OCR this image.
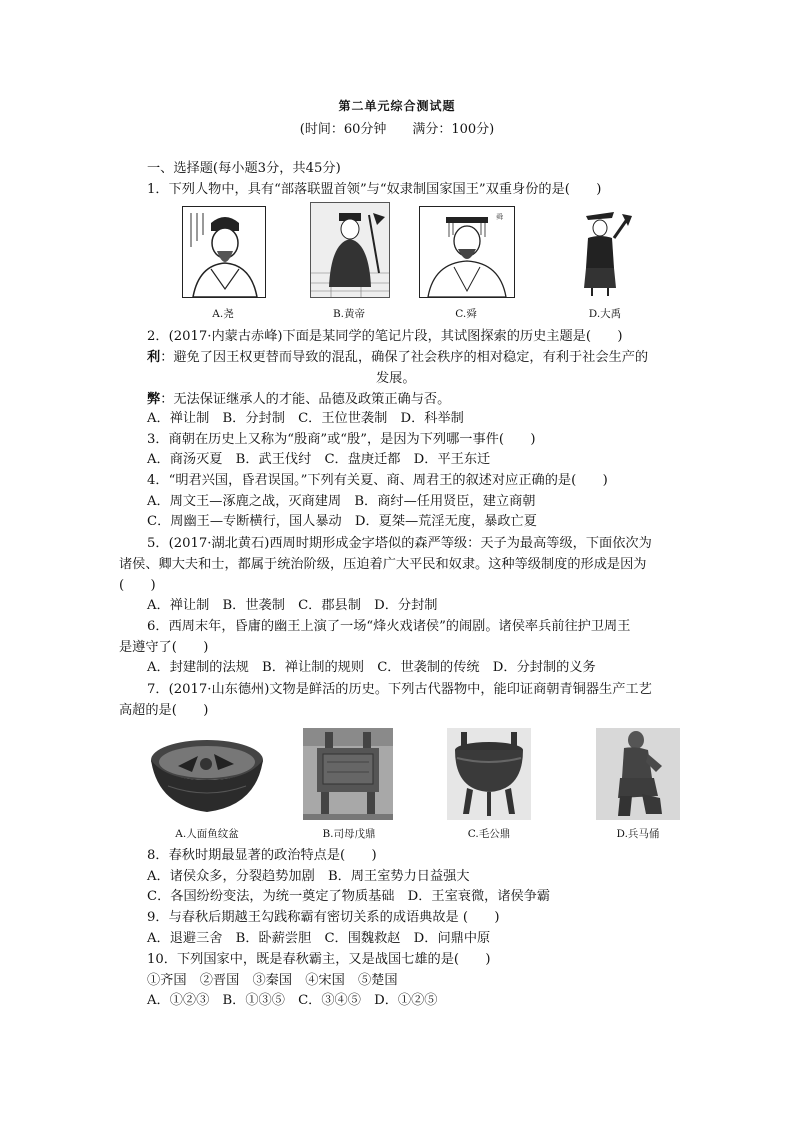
第二单元综合测试题
(时间：60分钟　　满分：100分)
一、选择题(每小题3分，共45分)
1．下列人物中，具有“部落联盟首领”与“奴隶制国家国王”双重身份的是(　　)
A.尧	B.黄帝
舜
C.舜	D.大禹
2．(2017·内蒙古赤峰)下面是某同学的笔记片段，其试图探索的历史主题是(　　)
利：避免了因王权更替而导致的混乱，确保了社会秩序的相对稳定，有利于社会生产的
发展。
弊：无法保证继承人的才能、品德及政策正确与否。
A．禅让制　B．分封制　C．王位世袭制　D．科举制
3．商朝在历史上又称为“殷商”或“殷”，是因为下列哪一事件(　　)
A．商汤灭夏　B．武王伐纣　C．盘庚迁都　D．平王东迁
4．“明君兴国，昏君误国。”下列有关夏、商、周君王的叙述对应正确的是(　　)
A．周文王—涿鹿之战，灭商建周　B．商纣—任用贤臣，建立商朝
C．周幽王—专断横行，国人暴动　D．夏桀—荒淫无度，暴政亡夏
5．(2017·湖北黄石)西周时期形成金字塔似的森严等级：天子为最高等级，下面依次为
诸侯、卿大夫和士，都属于统治阶级，压迫着广大平民和奴隶。这种等级制度的形成是因为
(　　)
A．禅让制　B．世袭制　C．郡县制　D．分封制
6．西周末年，昏庸的幽王上演了一场“烽火戏诸侯”的闹剧。诸侯率兵前往护卫周王
是遵守了(　　)
A．封建制的法规　B．禅让制的规则　C．世袭制的传统　D．分封制的义务
7．(2017·山东德州)文物是鲜活的历史。下列古代器物中，能印证商朝青铜器生产工艺
高超的是(　　)
A.人面鱼纹盆	B.司母戊鼎	C.毛公鼎	D.兵马俑
8．春秋时期最显著的政治特点是(　　)
A．诸侯众多，分裂趋势加剧　B．周王室势力日益强大
C．各国纷纷变法，为统一奠定了物质基础　D．王室衰微，诸侯争霸
9．与春秋后期越王勾践称霸有密切关系的成语典故是 (　　)
A．退避三舍　B．卧薪尝胆　C．围魏救赵　D．问鼎中原
10．下列国家中，既是春秋霸主，又是战国七雄的是(　　)
①齐国　②晋国　③秦国　④宋国　⑤楚国
A．①②③　B．①③⑤　C．③④⑤　D．①②⑤
